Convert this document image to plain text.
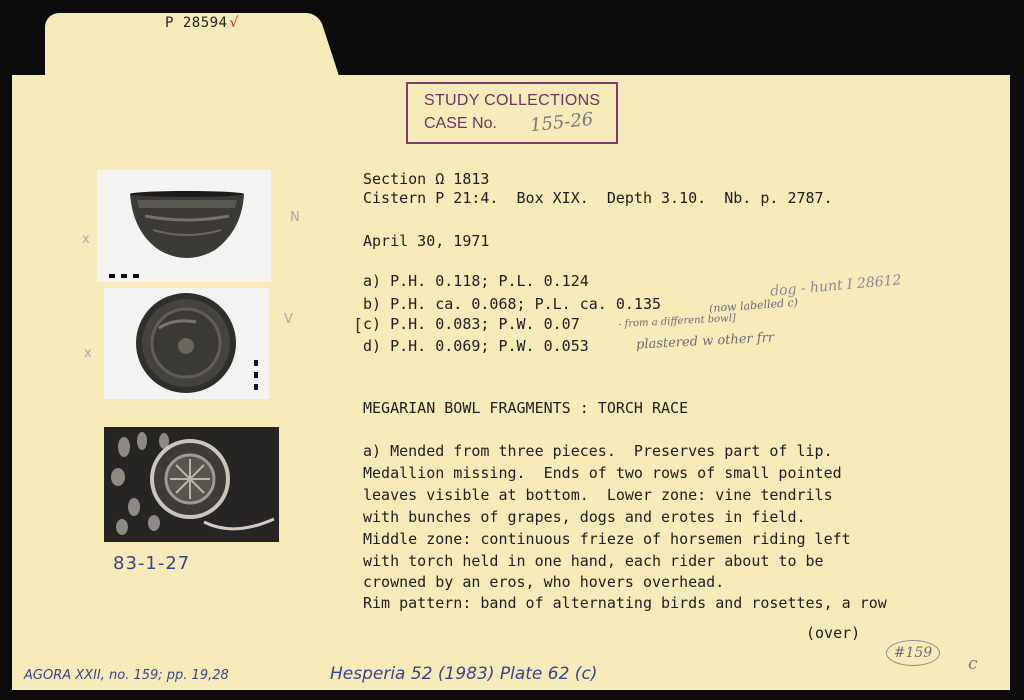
P 28594 √
STUDY COLLECTIONS
CASE No. 155-26
Section Ω 1813
Cistern P 21:4.  Box XIX.  Depth 3.10.  Nb. p. 2787.
April 30, 1971
a) P.H. 0.118; P.L. 0.124
b) P.H. ca. 0.068; P.L. ca. 0.135
c) P.H. 0.083; P.W. 0.07
d) P.H. 0.069; P.W. 0.053
[
(now labelled c)
- from a different bowl]
plastered w other frr
dog - hunt I 28612
MEGARIAN BOWL FRAGMENTS : TORCH RACE
a) Mended from three pieces.  Preserves part of lip.
Medallion missing.  Ends of two rows of small pointed
leaves visible at bottom.  Lower zone: vine tendrils
with bunches of grapes, dogs and erotes in field.
Middle zone: continuous frieze of horsemen riding left
with torch held in one hand, each rider about to be
crowned by an eros, who hovers overhead.
Rim pattern: band of alternating birds and rosettes, a row
(over)
83-1-27
N
V
x
x
AGORA XXII, no. 159; pp. 19,28	Hesperia 52 (1983) Plate 62 (c)
#159
c
